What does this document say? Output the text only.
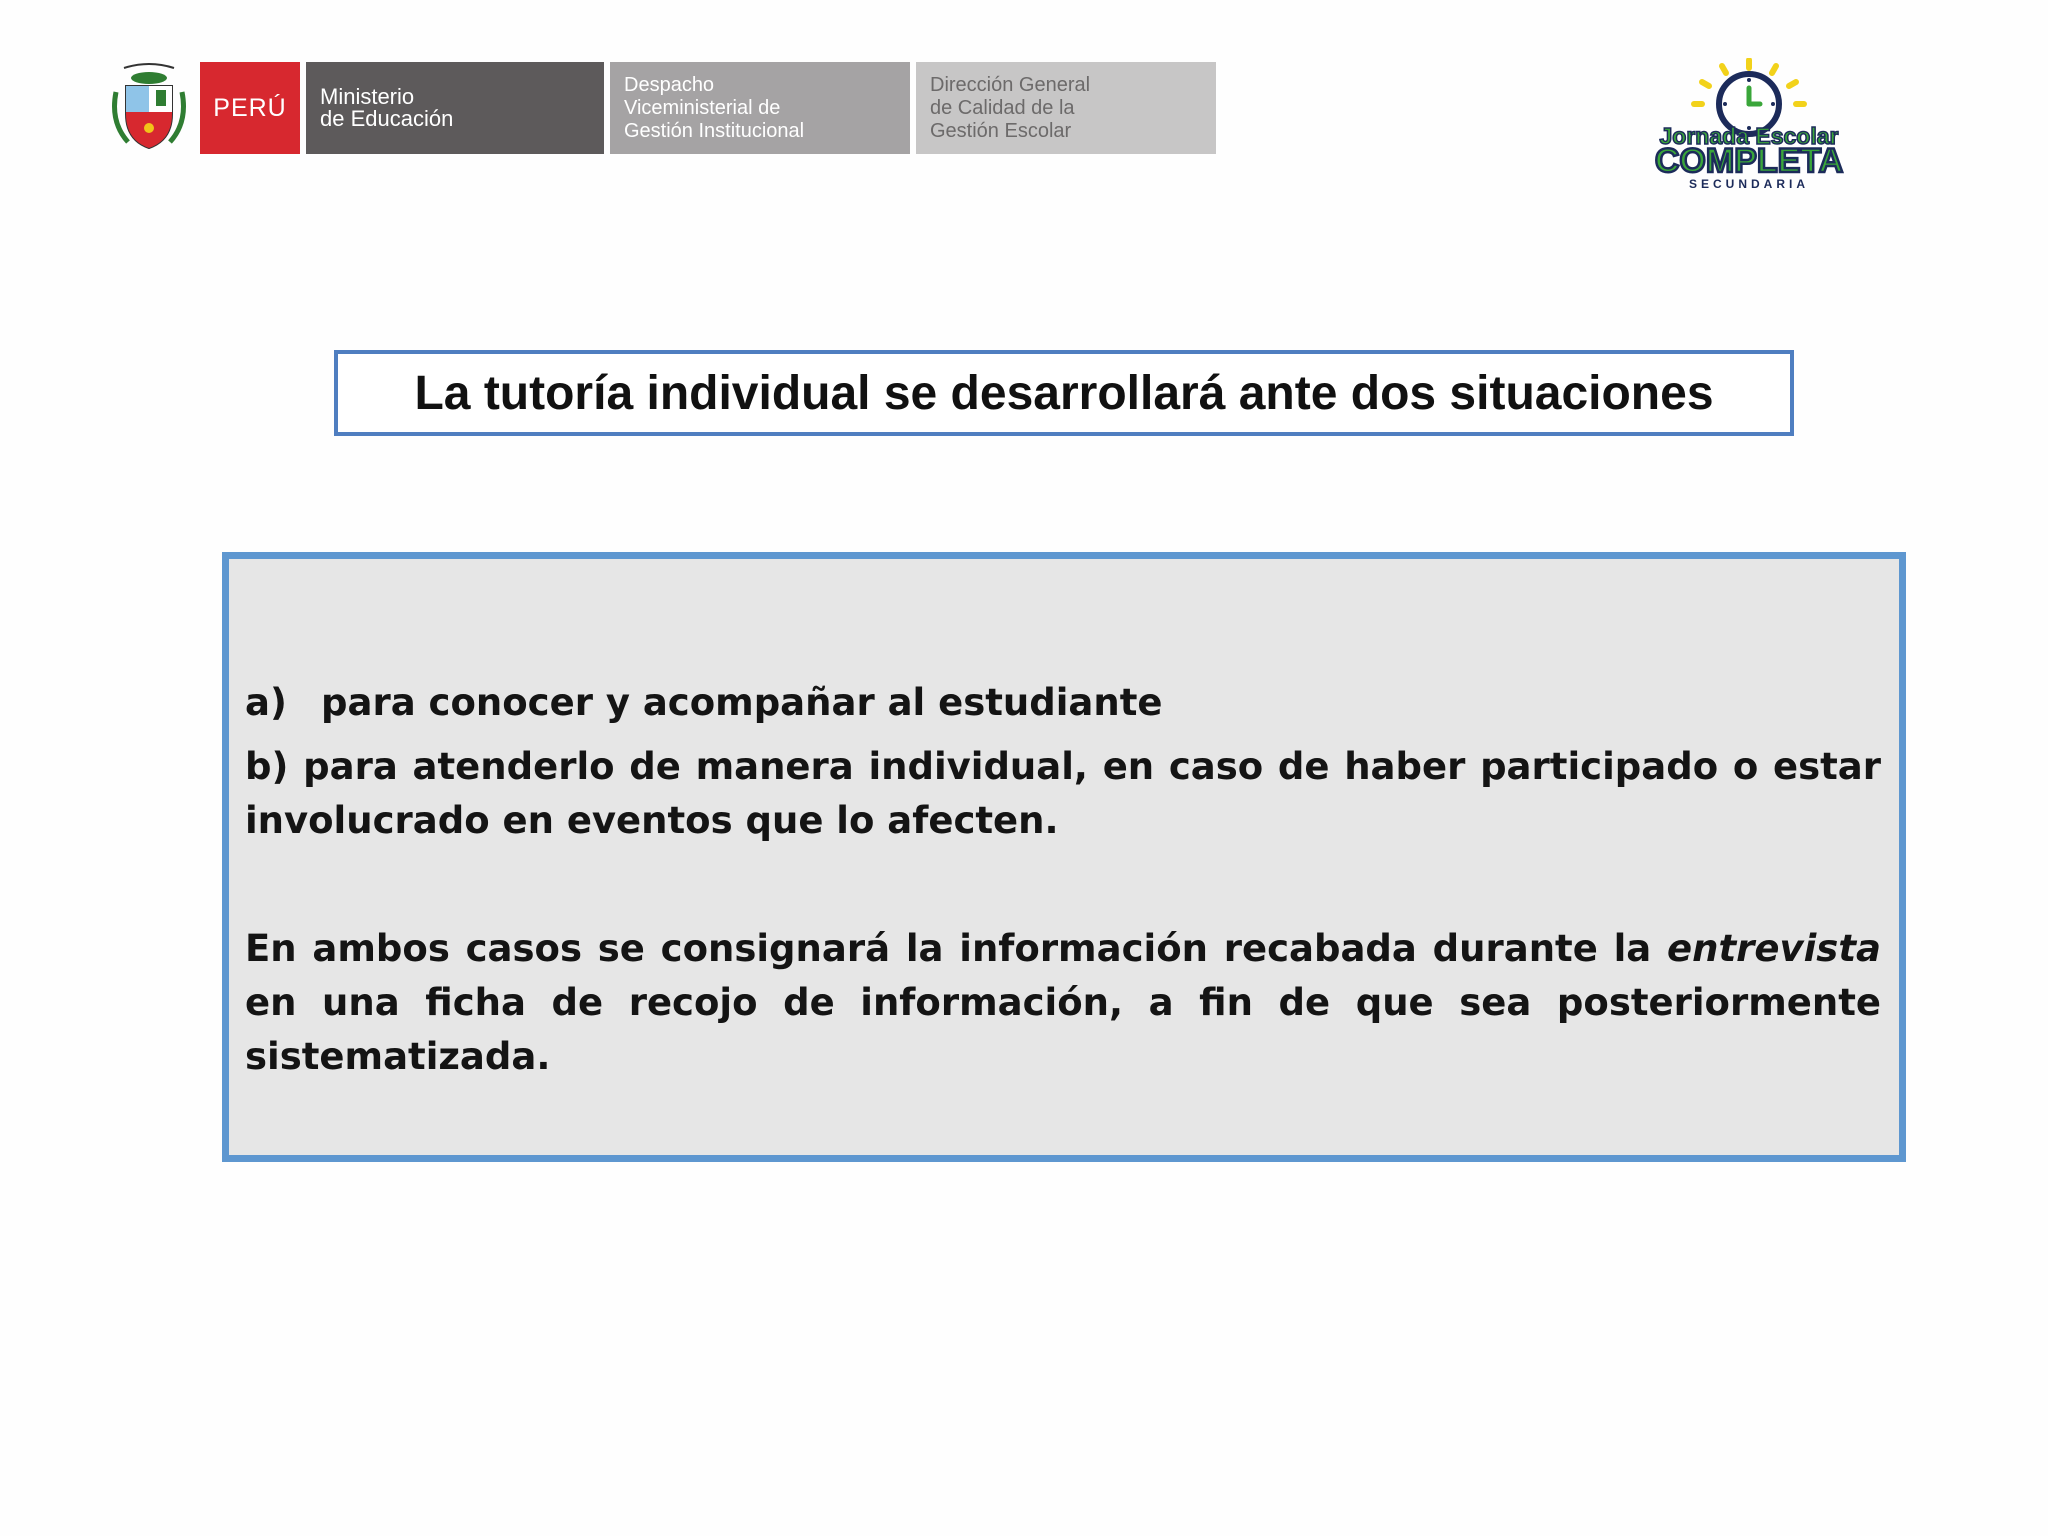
PERÚ Ministerio
de Educación
Despacho
Viceministerial de
Gestión Institucional
Dirección General
de Calidad de la
Gestión Escolar	Jornada Escolar
COMPLETA
SECUNDARIA
La tutoría individual se desarrollará ante dos situaciones

a) para conocer y acompañar al estudiante

b) para atenderlo de manera individual, en caso de haber participado o estar involucrado en eventos que lo afecten.

En ambos casos se consignará la información recabada durante la entrevista en una ficha de recojo de información, a fin de que sea posteriormente sistematizada.
